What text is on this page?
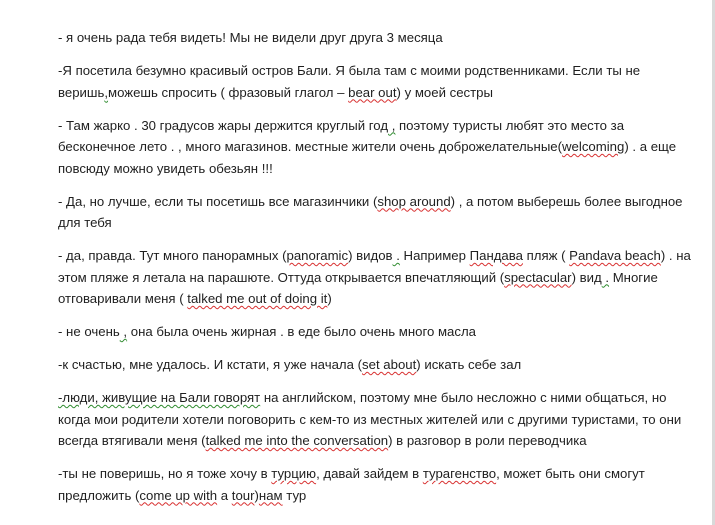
- я очень рада тебя видеть! Мы не видели друг друга 3 месяца

-Я посетила безумно красивый остров Бали. Я была там с моими родственниками. Если ты не веришь,можешь спросить ( фразовый глагол – bear out) у моей сестры

- Там жарко . 30 градусов жары держится круглый год , поэтому туристы любят это место за бесконечное лето . , много магазинов. местные жители очень доброжелательные(welcoming) . а еще повсюду можно увидеть обезьян !!!

- Да, но лучше, если ты посетишь все магазинчики (shop around) , а потом выберешь более выгодное для тебя

- да, правда. Тут много панорамных (panoramic) видов . Например Пандава пляж ( Pandava beach) . на этом пляже я летала на парашюте. Оттуда открывается впечатляющий (spectacular) вид . Многие отговаривали меня ( talked me out of doing it)

- не очень , она была очень жирная . в еде было очень много масла

-к счастью, мне удалось. И кстати, я уже начала (set about) искать себе зал

-люди, живущие на Бали говорят на английском, поэтому мне было несложно с ними общаться, но когда мои родители хотели поговорить с кем-то из местных жителей или с другими туристами, то они всегда втягивали меня (talked me into the conversation) в разговор в роли переводчика

-ты не поверишь, но я тоже хочу в турцию, давай зайдем в турагенство, может быть они смогут предложить (come up with a tour)нам тур
